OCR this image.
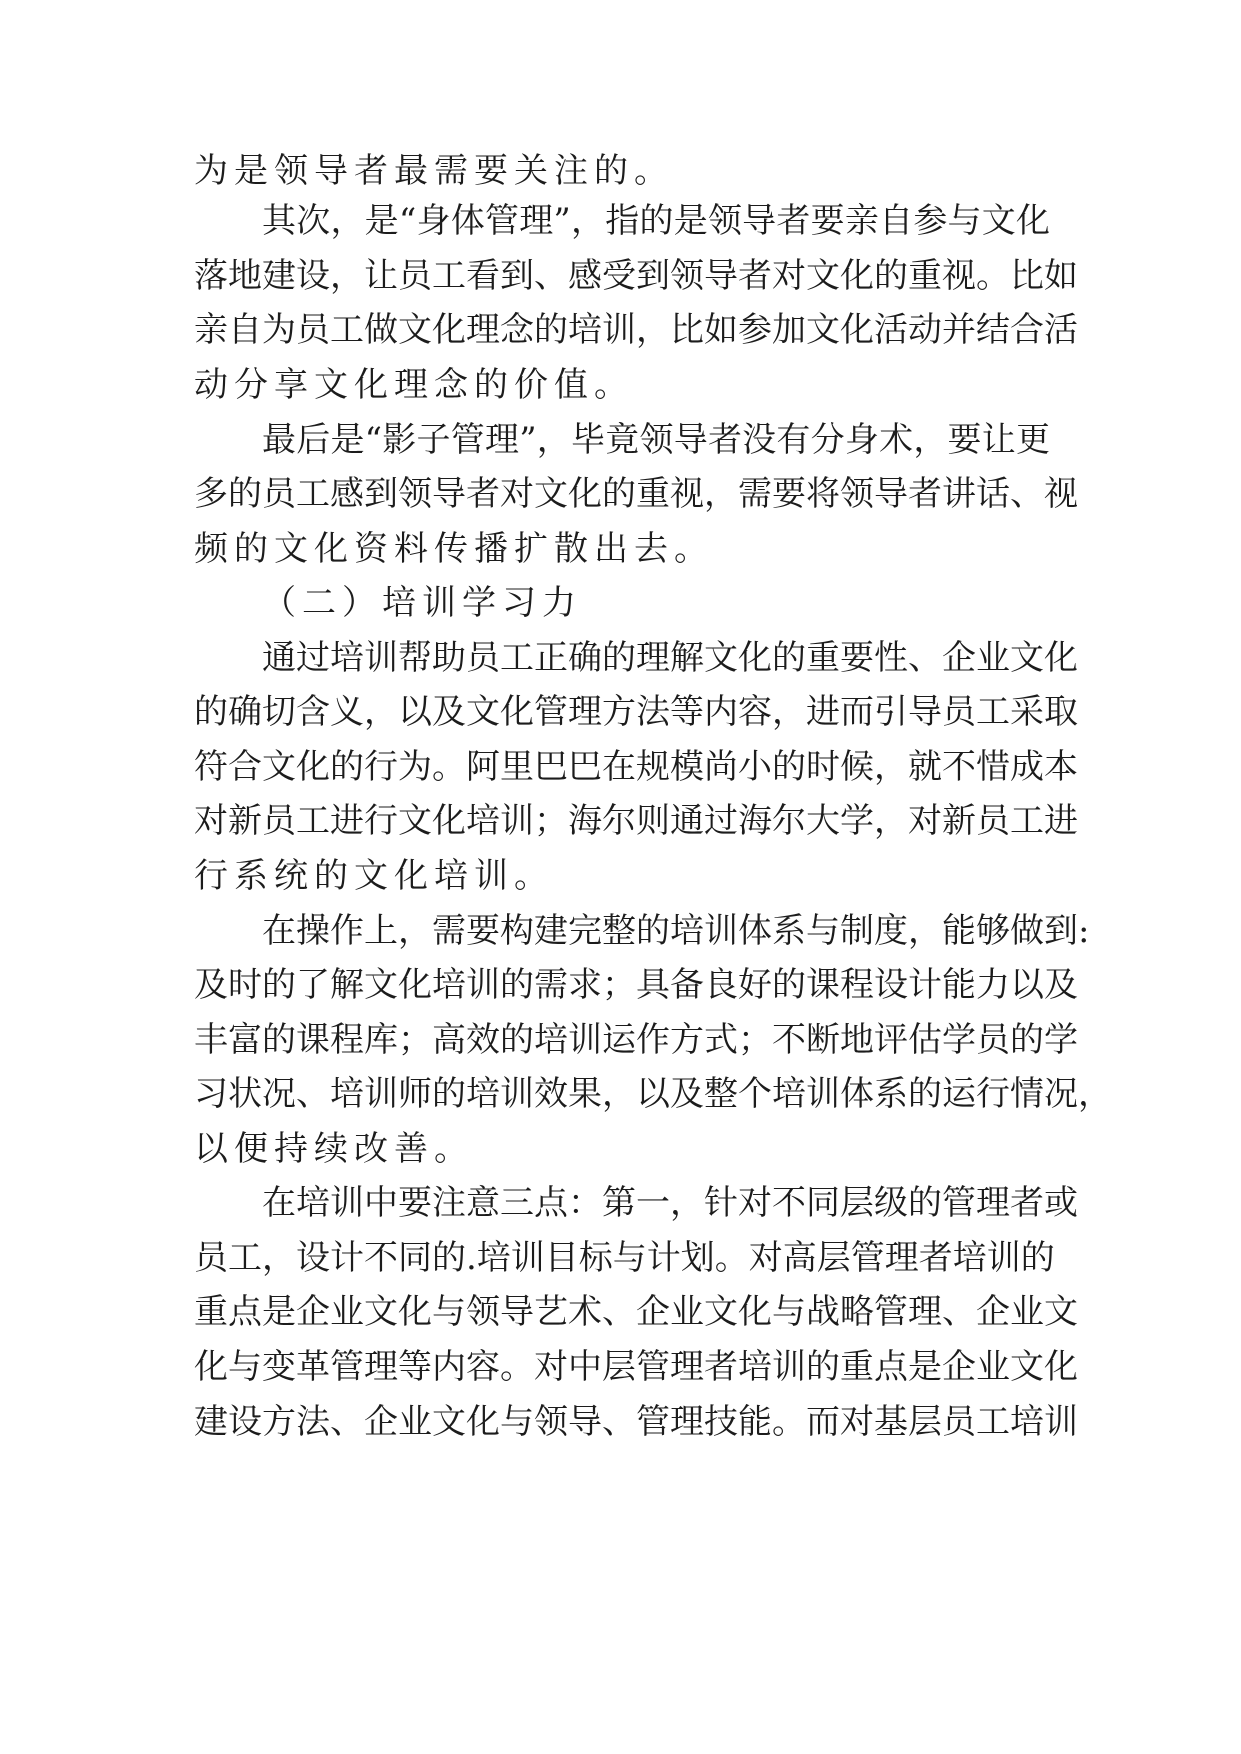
为是领导者最需要关注的。

其次，是“身体管理”，指的是领导者要亲自参与文化

落地建设，让员工看到、感受到领导者对文化的重视。比如

亲自为员工做文化理念的培训，比如参加文化活动并结合活

动分享文化理念的价值。

最后是“影子管理”，毕竟领导者没有分身术，要让更

多的员工感到领导者对文化的重视，需要将领导者讲话、视

频的文化资料传播扩散出去。

（二）培训学习力

通过培训帮助员工正确的理解文化的重要性、企业文化

的确切含义，以及文化管理方法等内容，进而引导员工采取

符合文化的行为。阿里巴巴在规模尚小的时候，就不惜成本

对新员工进行文化培训；海尔则通过海尔大学，对新员工进

行系统的文化培训。

在操作上，需要构建完整的培训体系与制度，能够做到:

及时的了解文化培训的需求；具备良好的课程设计能力以及

丰富的课程库；高效的培训运作方式；不断地评估学员的学

习状况、培训师的培训效果，以及整个培训体系的运行情况，

以便持续改善。

在培训中要注意三点：第一，针对不同层级的管理者或

员工，设计不同的.培训目标与计划。对高层管理者培训的

重点是企业文化与领导艺术、企业文化与战略管理、企业文

化与变革管理等内容。对中层管理者培训的重点是企业文化

建设方法、企业文化与领导、管理技能。而对基层员工培训
